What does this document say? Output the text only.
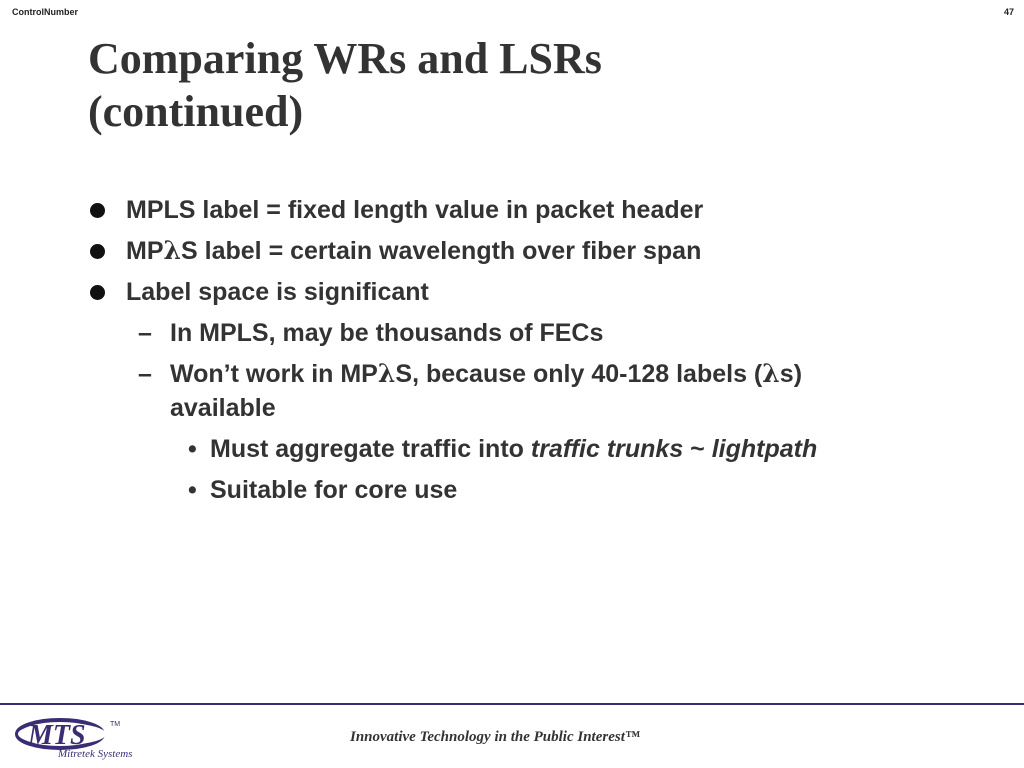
ControlNumber	47
Comparing WRs and LSRs
(continued)
MPLS label = fixed length value in packet header
MPλS label = certain wavelength over fiber span
Label space is significant
– In MPLS, may be thousands of FECs
– Won’t work in MPλS, because only 40-128 labels (λs)
available
• Must aggregate traffic into traffic trunks ~ lightpath
• Suitable for core use
MTS	TM
Mitretek Systems
Innovative Technology in the Public Interest™
